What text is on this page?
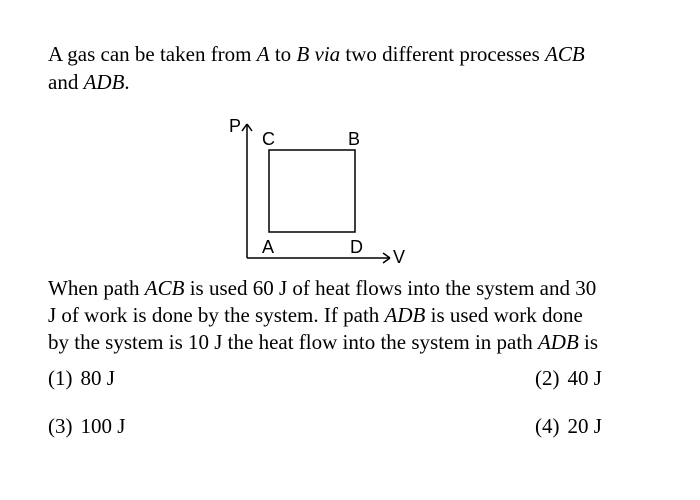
A gas can be taken from A to B via two different processes ACB

and ADB.

P
V
C	B
A	D

When path ACB is used 60 J of heat flows into the system and 30

J of work is done by the system. If path ADB is used work done

by the system is 10 J the heat flow into the system in path ADB is

(1) 80 J	(2) 40 J
(3) 100 J	(4) 20 J
